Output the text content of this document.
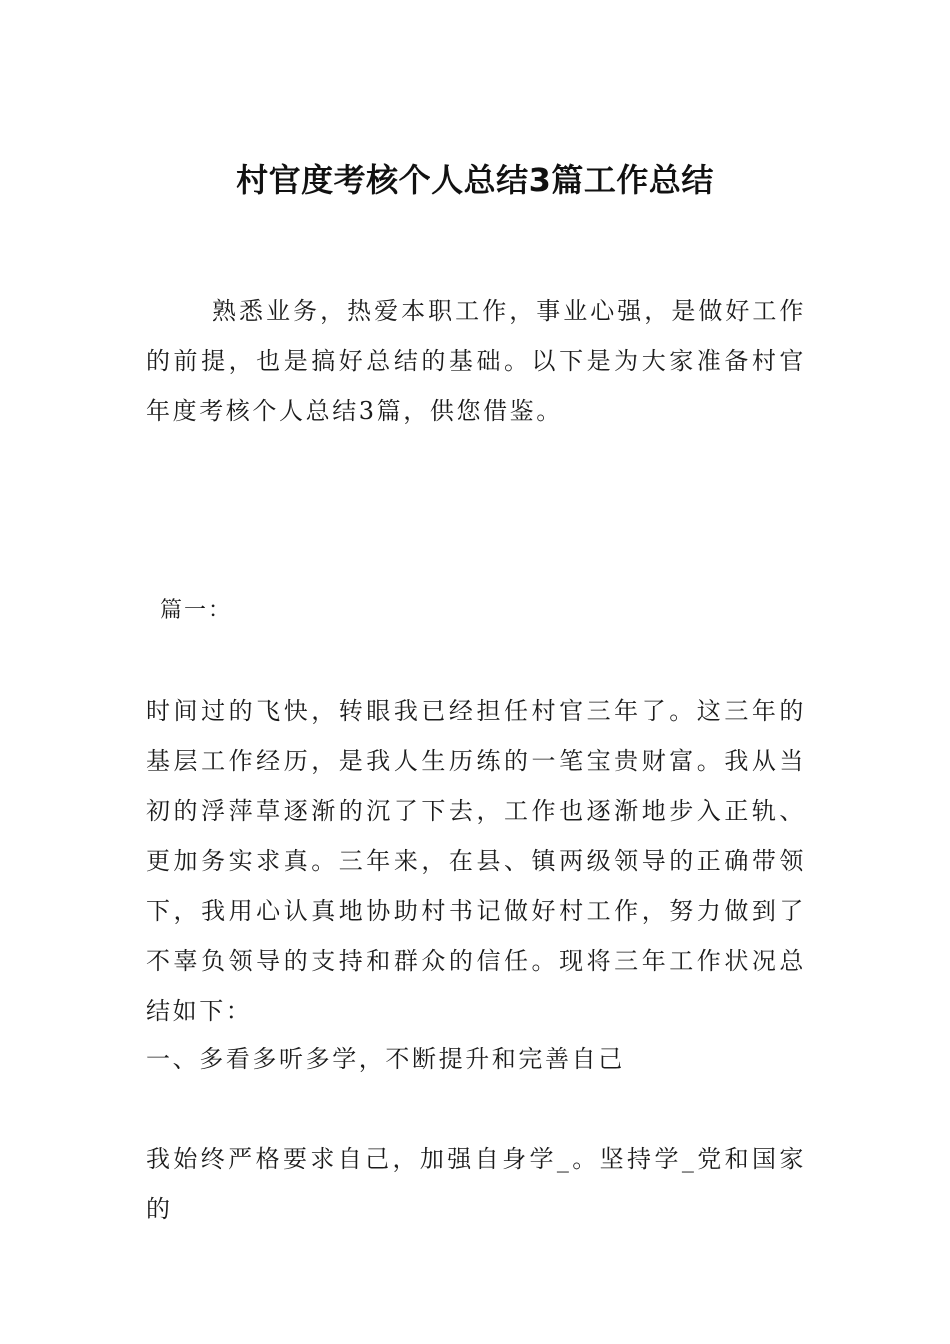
村官度考核个人总结3篇工作总结

熟悉业务，热爱本职工作，事业心强，是做好工作的前提，也是搞好总结的基础。以下是为大家准备村官年度考核个人总结3篇，供您借鉴。

篇一：

时间过的飞快，转眼我已经担任村官三年了。这三年的基层工作经历，是我人生历练的一笔宝贵财富。我从当初的浮萍草逐渐的沉了下去，工作也逐渐地步入正轨、更加务实求真。三年来，在县、镇两级领导的正确带领下，我用心认真地协助村书记做好村工作，努力做到了不辜负领导的支持和群众的信任。现将三年工作状况总结如下：

一、多看多听多学，不断提升和完善自己

我始终严格要求自己，加强自身学_。坚持学_党和国家的
